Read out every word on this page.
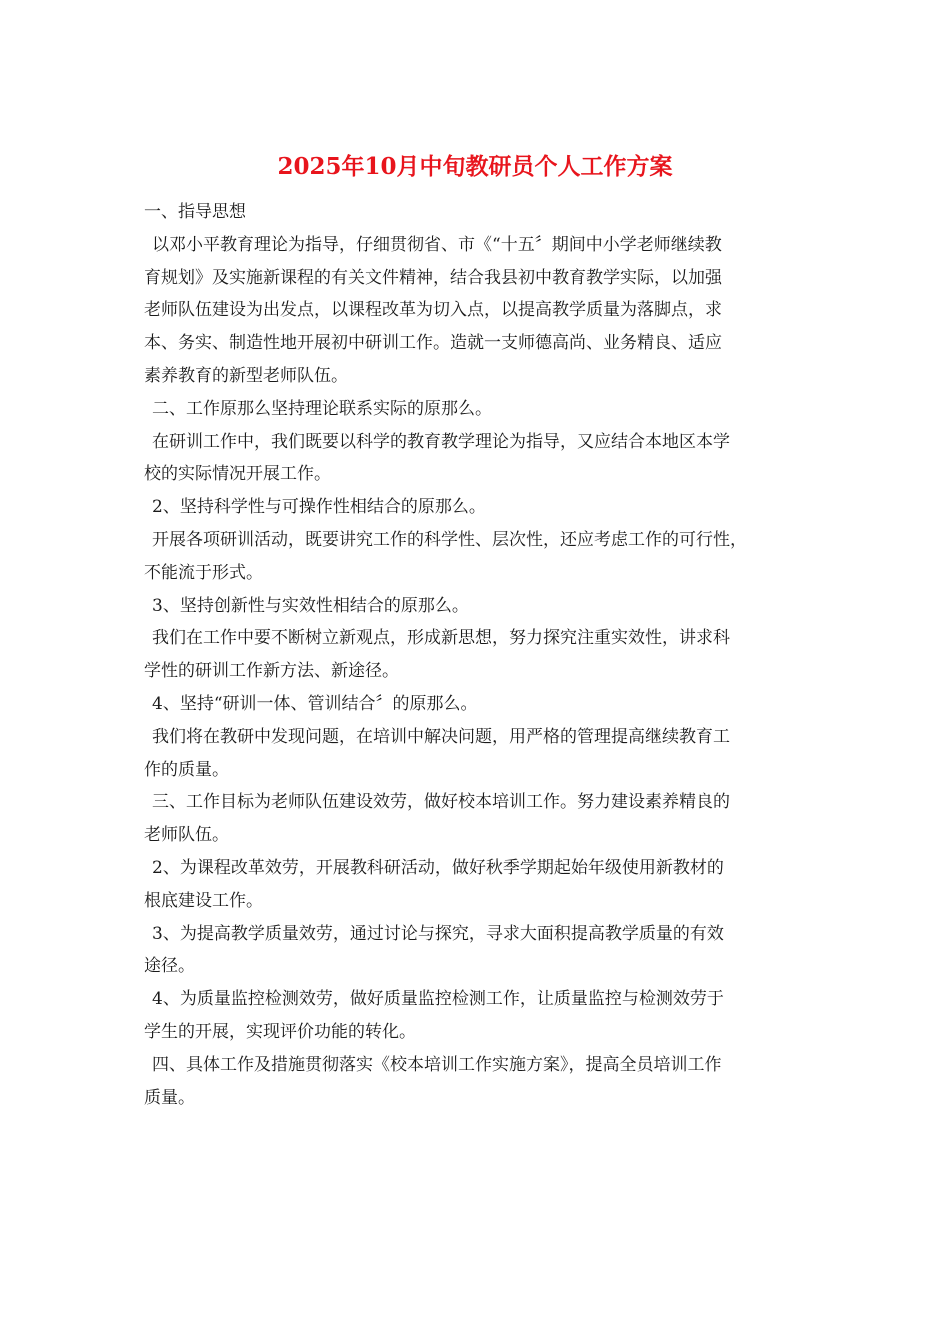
2025年10月中旬教研员个人工作方案

一、指导思想

以邓小平教育理论为指导，仔细贯彻省、市《“十五〞期间中小学老师继续教

育规划》及实施新课程的有关文件精神，结合我县初中教育教学实际，以加强

老师队伍建设为出发点，以课程改革为切入点，以提高教学质量为落脚点，求

本、务实、制造性地开展初中研训工作。造就一支师德高尚、业务精良、适应

素养教育的新型老师队伍。

二、工作原那么坚持理论联系实际的原那么。

在研训工作中，我们既要以科学的教育教学理论为指导，又应结合本地区本学

校的实际情况开展工作。

2、坚持科学性与可操作性相结合的原那么。

开展各项研训活动，既要讲究工作的科学性、层次性，还应考虑工作的可行性，

不能流于形式。

3、坚持创新性与实效性相结合的原那么。

我们在工作中要不断树立新观点，形成新思想，努力探究注重实效性，讲求科

学性的研训工作新方法、新途径。

4、坚持“研训一体、管训结合〞的原那么。

我们将在教研中发现问题，在培训中解决问题，用严格的管理提高继续教育工

作的质量。

三、工作目标为老师队伍建设效劳，做好校本培训工作。努力建设素养精良的

老师队伍。

2、为课程改革效劳，开展教科研活动，做好秋季学期起始年级使用新教材的

根底建设工作。

3、为提高教学质量效劳，通过讨论与探究，寻求大面积提高教学质量的有效

途径。

4、为质量监控检测效劳，做好质量监控检测工作，让质量监控与检测效劳于

学生的开展，实现评价功能的转化。

四、具体工作及措施贯彻落实《校本培训工作实施方案》，提高全员培训工作

质量。
